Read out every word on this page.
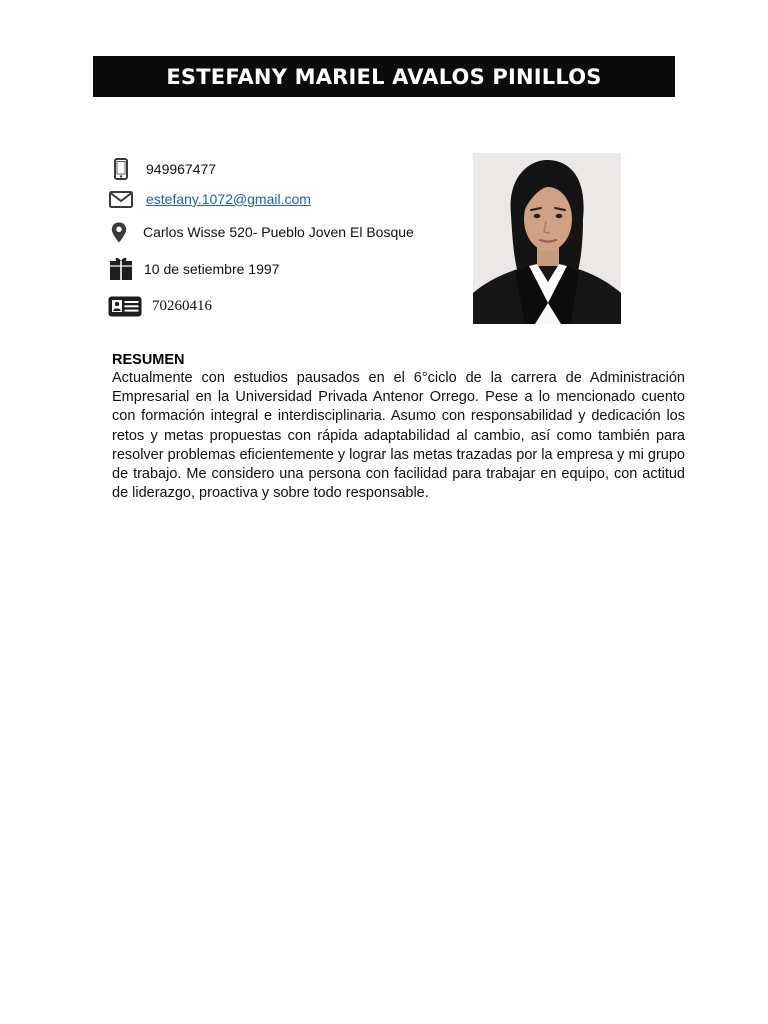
ESTEFANY MARIEL AVALOS PINILLOS
949967477
estefany.1072@gmail.com
Carlos Wisse 520- Pueblo Joven El Bosque
10 de setiembre 1997
70260416

RESUMEN

Actualmente con estudios pausados en el 6°ciclo de la carrera de Administración Empresarial en la Universidad Privada Antenor Orrego. Pese a lo mencionado cuento con formación integral e interdisciplinaria. Asumo con responsabilidad y dedicación los retos y metas propuestas con rápida adaptabilidad al cambio, así como también para resolver problemas eficientemente y lograr las metas trazadas por la empresa y mi grupo de trabajo. Me considero una persona con facilidad para trabajar en equipo, con actitud de liderazgo, proactiva y sobre todo responsable.
